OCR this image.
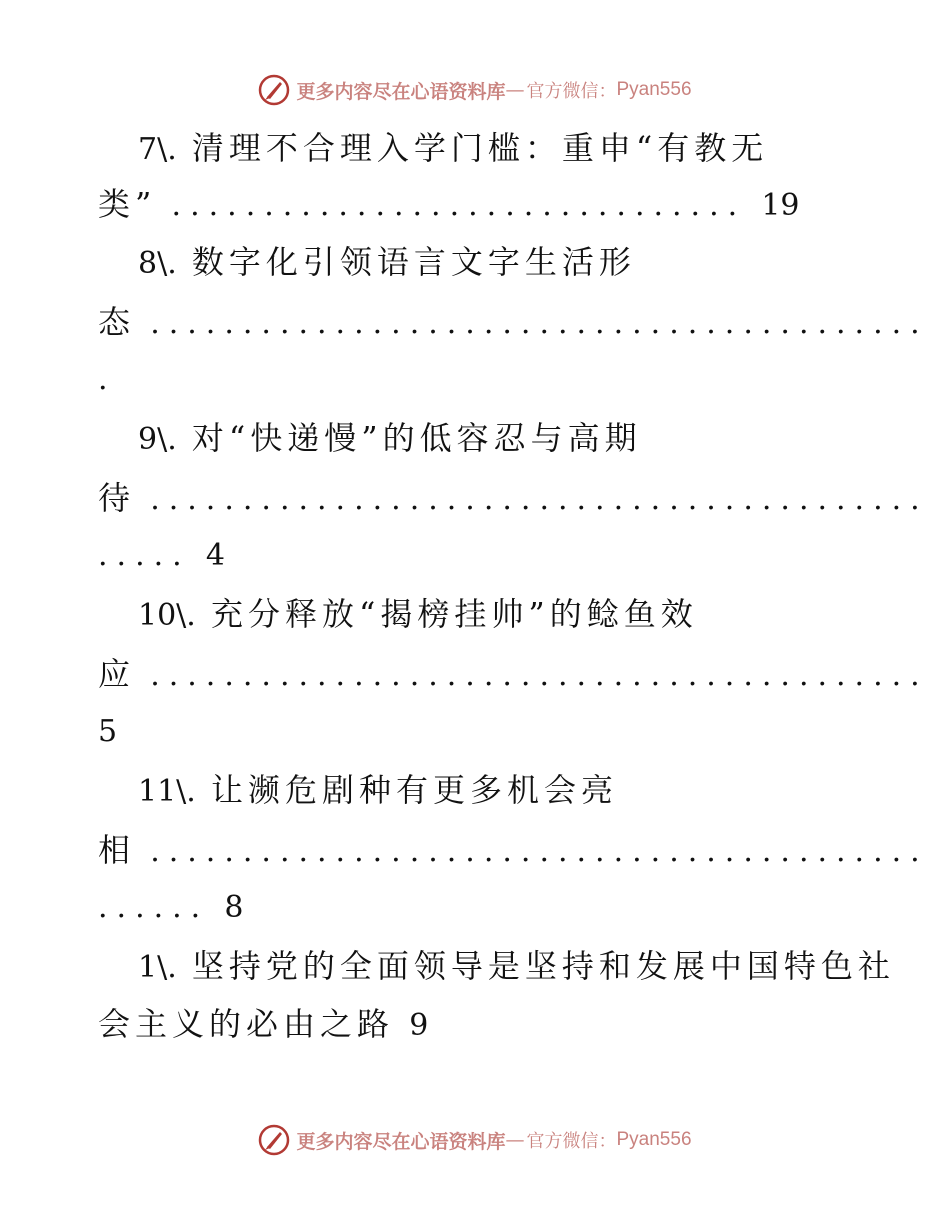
更多内容尽在心语资料库 — 官方微信： Pyan556
7\. 清理不合理入学门槛：重申“有教无
类” ............................... 19
8\. 数字化引领语言文字生活形
态 ..........................................
.
9\. 对“快递慢”的低容忍与高期
待 ..........................................
..... 4
10\. 充分释放“揭榜挂帅”的鲶鱼效
应 ..........................................
5
11\. 让濒危剧种有更多机会亮
相 ..........................................
...... 8
1\. 坚持党的全面领导是坚持和发展中国特色社
会主义的必由之路 9
更多内容尽在心语资料库 — 官方微信： Pyan556
